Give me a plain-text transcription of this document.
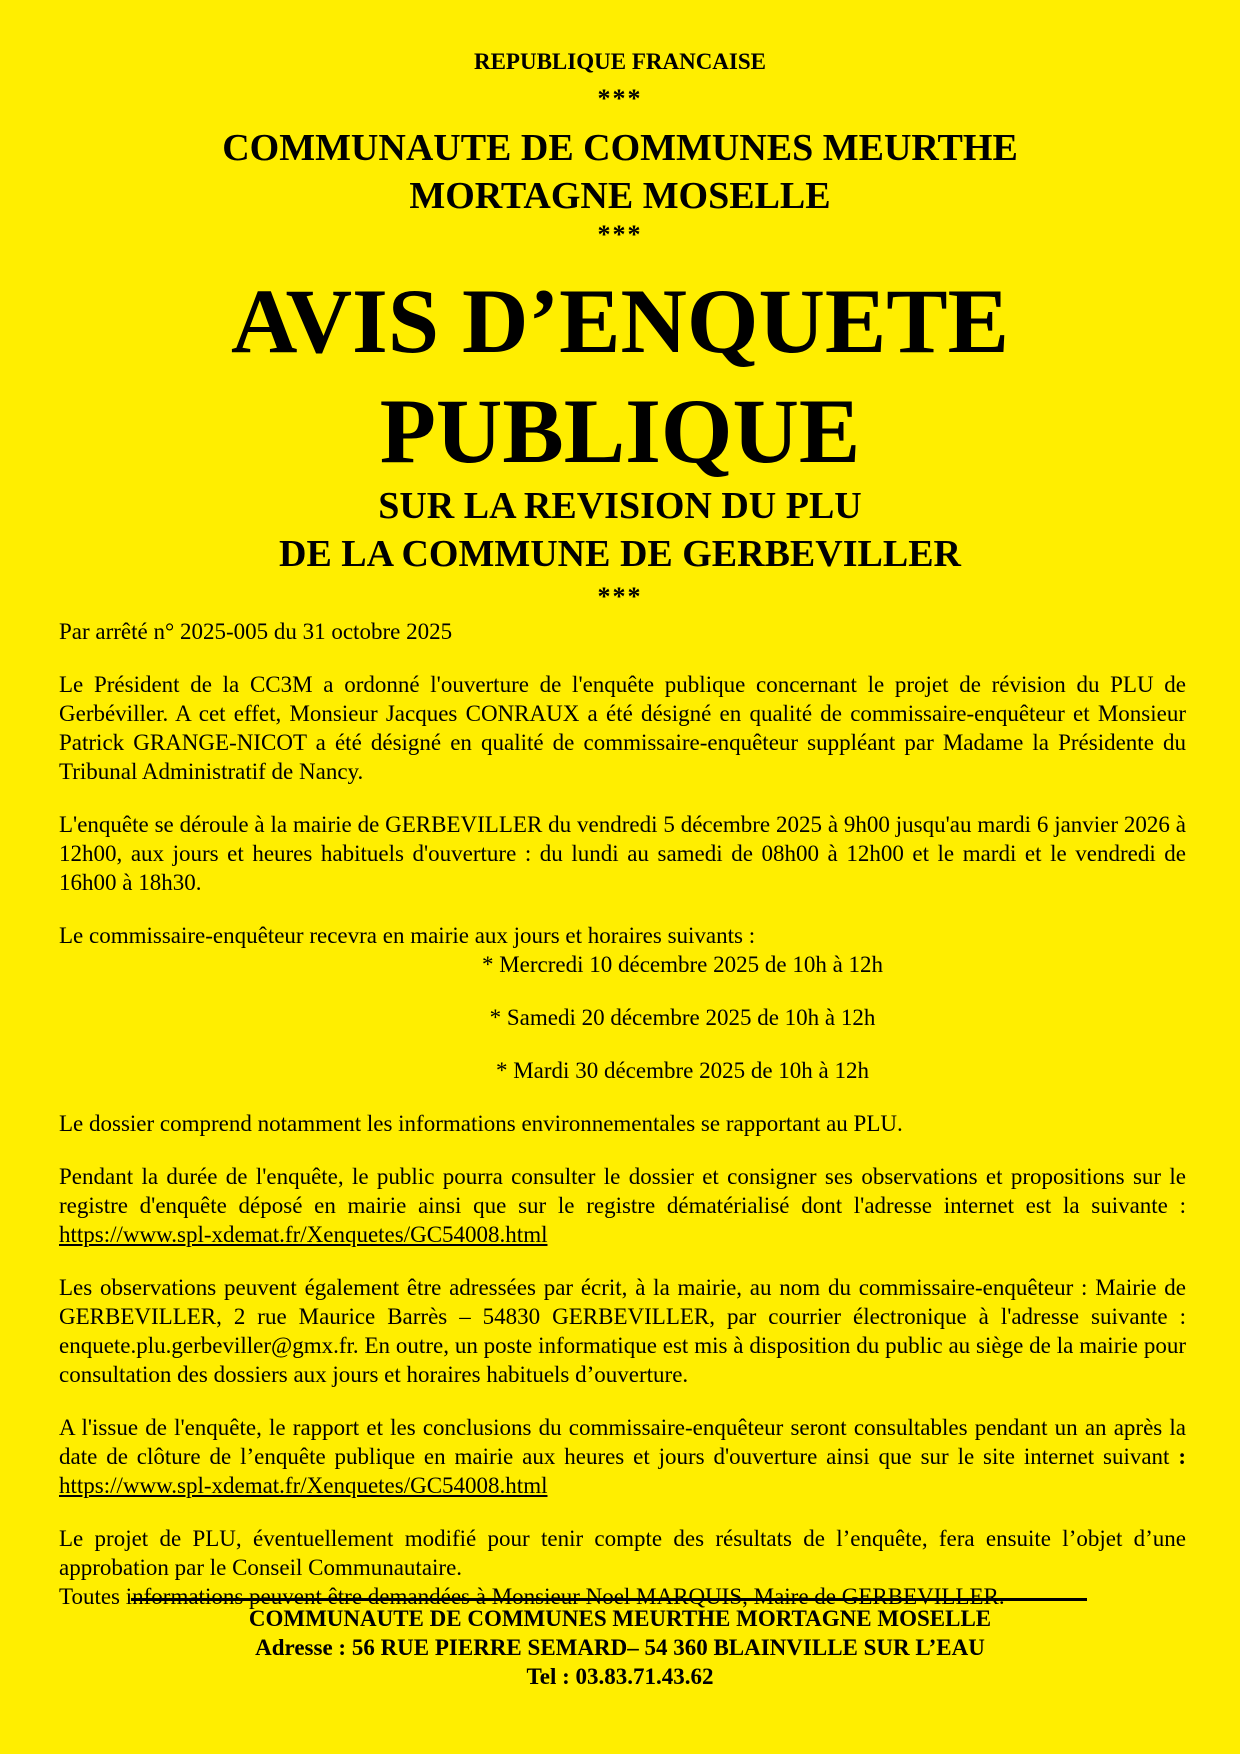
REPUBLIQUE FRANCAISE
***
COMMUNAUTE DE COMMUNES MEURTHE
MORTAGNE MOSELLE
***
AVIS D’ENQUETE
PUBLIQUE
SUR LA REVISION DU PLU
DE LA COMMUNE DE GERBEVILLER
***

Par arrêté n° 2025-005 du 31 octobre 2025

Le Président de la CC3M a ordonné l'ouverture de l'enquête publique concernant le projet de révision du PLU de Gerbéviller. A cet effet, Monsieur Jacques CONRAUX a été désigné en qualité de commissaire-enquêteur et Monsieur Patrick GRANGE-NICOT a été désigné en qualité de commissaire-enquêteur suppléant par Madame la Présidente du Tribunal Administratif de Nancy.

L'enquête se déroule à la mairie de GERBEVILLER du vendredi 5 décembre 2025 à 9h00 jusqu'au mardi 6 janvier 2026 à 12h00, aux jours et heures habituels d'ouverture : du lundi au samedi de 08h00 à 12h00 et le mardi et le vendredi de 16h00 à 18h30.

Le commissaire-enquêteur recevra en mairie aux jours et horaires suivants :

* Mercredi 10 décembre 2025 de 10h à 12h

* Samedi 20 décembre 2025 de 10h à 12h

* Mardi 30 décembre 2025 de 10h à 12h

Le dossier comprend notamment les informations environnementales se rapportant au PLU.

Pendant la durée de l'enquête, le public pourra consulter le dossier et consigner ses observations et propositions sur le registre d'enquête déposé en mairie ainsi que sur le registre dématérialisé dont l'adresse internet est la suivante : https://www.spl-xdemat.fr/Xenquetes/GC54008.html

Les observations peuvent également être adressées par écrit, à la mairie, au nom du commissaire-enquêteur : Mairie de GERBEVILLER, 2 rue Maurice Barrès – 54830 GERBEVILLER, par courrier électronique à l'adresse suivante : enquete.plu.gerbeviller@gmx.fr. En outre, un poste informatique est mis à disposition du public au siège de la mairie pour consultation des dossiers aux jours et horaires habituels d’ouverture.

A l'issue de l'enquête, le rapport et les conclusions du commissaire-enquêteur seront consultables pendant un an après la date de clôture de l’enquête publique en mairie aux heures et jours d'ouverture ainsi que sur le site internet suivant : https://www.spl-xdemat.fr/Xenquetes/GC54008.html

Le projet de PLU, éventuellement modifié pour tenir compte des résultats de l’enquête, fera ensuite l’objet d’une approbation par le Conseil Communautaire.

Toutes informations peuvent être demandées à Monsieur Noel MARQUIS, Maire de GERBEVILLER.

COMMUNAUTE DE COMMUNES MEURTHE MORTAGNE MOSELLE
Adresse : 56 RUE PIERRE SEMARD– 54 360 BLAINVILLE SUR L’EAU
Tel : 03.83.71.43.62
